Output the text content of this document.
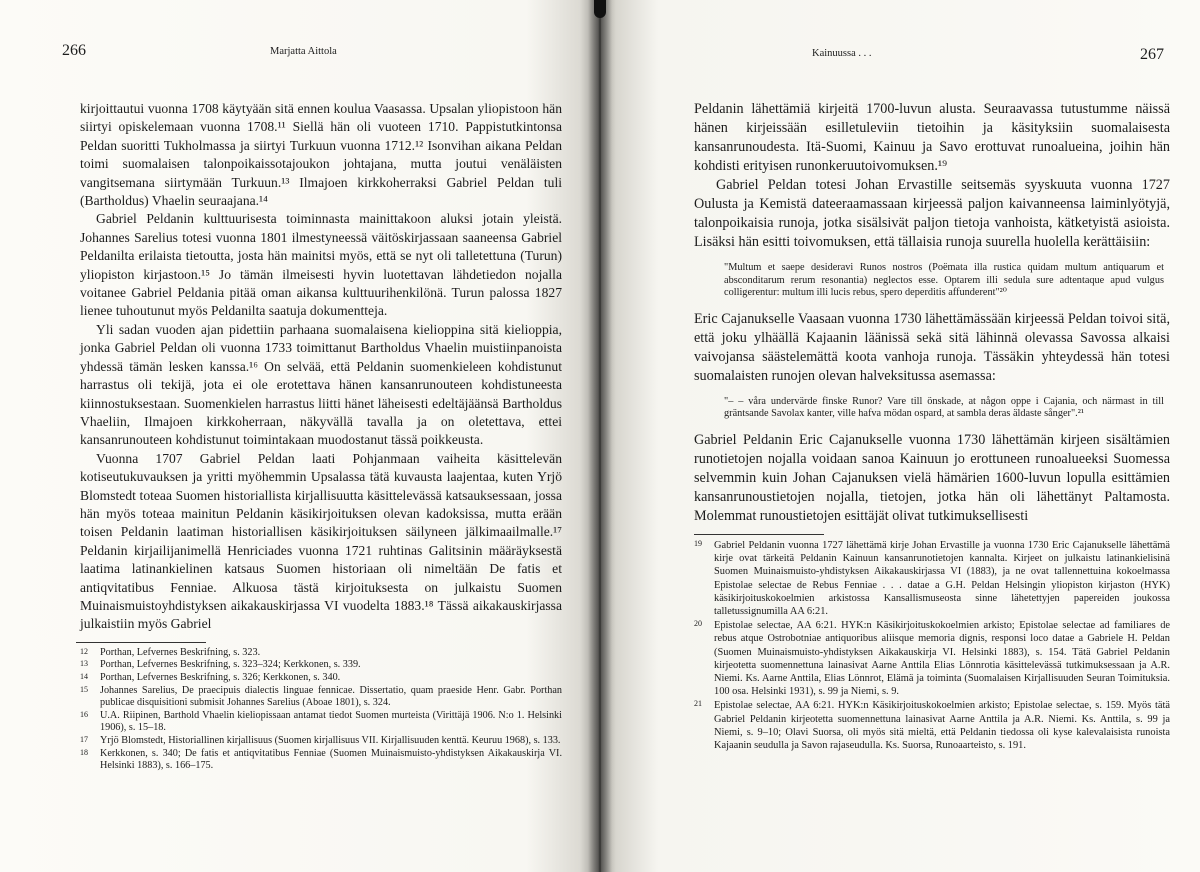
266	Marjatta Aittola

kirjoittautui vuonna 1708 käytyään sitä ennen koulua Vaasassa. Upsalan yliopistoon hän siirtyi opiskelemaan vuonna 1708.¹¹ Siellä hän oli vuoteen 1710. Pappistutkintonsa Peldan suoritti Tukholmassa ja siirtyi Turkuun vuonna 1712.¹² Isonvihan aikana Peldan toimi suomalaisen talonpoikaissotajoukon johtajana, mutta joutui venäläisten vangitsemana siirtymään Turkuun.¹³ Ilmajoen kirkkoherraksi Gabriel Peldan tuli (Bartholdus) Vhaelin seuraajana.¹⁴

Gabriel Peldanin kulttuurisesta toiminnasta mainittakoon aluksi jotain yleistä. Johannes Sarelius totesi vuonna 1801 ilmestyneessä väitöskirjassaan saaneensa Gabriel Peldanilta erilaista tietoutta, josta hän mainitsi myös, että se nyt oli talletettuna (Turun) yliopiston kirjastoon.¹⁵ Jo tämän ilmeisesti hyvin luotettavan lähdetiedon nojalla voitanee Gabriel Peldania pitää oman aikansa kulttuurihenkilönä. Turun palossa 1827 lienee tuhoutunut myös Peldanilta saatuja dokumentteja.

Yli sadan vuoden ajan pidettiin parhaana suomalaisena kielioppina sitä kielioppia, jonka Gabriel Peldan oli vuonna 1733 toimittanut Bartholdus Vhaelin muistiinpanoista yhdessä tämän lesken kanssa.¹⁶ On selvää, että Peldanin suomenkieleen kohdistunut harrastus oli tekijä, jota ei ole erotettava hänen kansanrunouteen kohdistuneesta kiinnostuksestaan. Suomenkielen harrastus liitti hänet läheisesti edeltäjäänsä Bartholdus Vhaeliin, Ilmajoen kirkkoherraan, näkyvällä tavalla ja on oletettava, ettei kansanrunouteen kohdistunut toimintakaan muodostanut tässä poikkeusta.

Vuonna 1707 Gabriel Peldan laati Pohjanmaan vaiheita käsittelevän kotiseutukuvauksen ja yritti myöhemmin Upsalassa tätä kuvausta laajentaa, kuten Yrjö Blomstedt toteaa Suomen historiallista kirjallisuutta käsittelevässä katsauksessaan, jossa hän myös toteaa mainitun Peldanin käsikirjoituksen olevan kadoksissa, mutta erään toisen Peldanin laatiman historiallisen käsikirjoituksen säilyneen jälkimaailmalle.¹⁷ Peldanin kirjailijanimellä Henriciades vuonna 1721 ruhtinas Galitsinin määräyksestä laatima latinankielinen katsaus Suomen historiaan oli nimeltään De fatis et antiqvitatibus Fenniae. Alkuosa tästä kirjoituksesta on julkaistu Suomen Muinaismuistoyhdistyksen aikakauskirjassa VI vuodelta 1883.¹⁸ Tässä aikakauskirjassa julkaistiin myös Gabriel

12	Porthan, Lefvernes Beskrifning, s. 323.
13	Porthan, Lefvernes Beskrifning, s. 323–324; Kerkkonen, s. 339.
14	Porthan, Lefvernes Beskrifning, s. 326; Kerkkonen, s. 340.
15	Johannes Sarelius, De praecipuis dialectis linguae fennicae. Dissertatio, quam praeside Henr. Gabr. Porthan publicae disquisitioni submisit Johannes Sarelius (Aboae 1801), s. 324.
16	U.A. Riipinen, Barthold Vhaelin kieliopissaan antamat tiedot Suomen murteista (Virittäjä 1906. N:o 1. Helsinki 1906), s. 15–18.
17	Yrjö Blomstedt, Historiallinen kirjallisuus (Suomen kirjallisuus VII. Kirjallisuuden kenttä. Keuruu 1968), s. 133.
18	Kerkkonen, s. 340; De fatis et antiqvitatibus Fenniae (Suomen Muinaismuisto-yhdistyksen Aikakauskirja VI. Helsinki 1883), s. 166–175.
Kainuussa . . .	267

Peldanin lähettämiä kirjeitä 1700-luvun alusta. Seuraavassa tutustumme näissä hänen kirjeissään esilletuleviin tietoihin ja käsityksiin suomalaisesta kansanrunoudesta. Itä-Suomi, Kainuu ja Savo erottuvat runoalueina, joihin hän kohdisti erityisen runonkeruutoivomuksen.¹⁹

Gabriel Peldan totesi Johan Ervastille seitsemäs syyskuuta vuonna 1727 Oulusta ja Kemistä dateeraamassaan kirjeessä paljon kaivanneensa laiminlyötyjä, talonpoikaisia runoja, jotka sisälsivät paljon tietoja vanhoista, kätketyistä asioista. Lisäksi hän esitti toivomuksen, että tällaisia runoja suurella huolella kerättäisiin:

"Multum et saepe desideravi Runos nostros (Poëmata illa rustica quidam multum antiquarum et absconditarum rerum resonantia) neglectos esse. Optarem illi sedula sure adtentaque apud vulgus colligerentur: multum illi lucis rebus, spero deperditis affunderent"²⁰

Eric Cajanukselle Vaasaan vuonna 1730 lähettämässään kirjeessä Peldan toivoi sitä, että joku ylhäällä Kajaanin läänissä sekä sitä lähinnä olevassa Savossa alkaisi vaivojansa säästelemättä koota vanhoja runoja. Tässäkin yhteydessä hän totesi suomalaisten runojen olevan halveksitussa asemassa:

"– – våra undervärde finske Runor? Vare till önskade, at någon oppe i Cajania, och närmast in till gräntsande Savolax kanter, ville hafva mödan ospard, at sambla deras äldaste sånger".²¹

Gabriel Peldanin Eric Cajanukselle vuonna 1730 lähettämän kirjeen sisältämien runotietojen nojalla voidaan sanoa Kainuun jo erottuneen runoalueeksi Suomessa selvemmin kuin Johan Cajanuksen vielä hämärien 1600-luvun lopulla esittämien kansanrunoustietojen nojalla, tietojen, jotka hän oli lähettänyt Paltamosta. Molemmat runoustietojen esittäjät olivat tutkimuksellisesti

19	Gabriel Peldanin vuonna 1727 lähettämä kirje Johan Ervastille ja vuonna 1730 Eric Cajanukselle lähettämä kirje ovat tärkeitä Peldanin Kainuun kansanrunotietojen kannalta. Kirjeet on julkaistu latinankielisinä Suomen Muinaismuisto-yhdistyksen Aikakauskirjassa VI (1883), ja ne ovat tallennettuina kokoelmassa Epistolae selectae de Rebus Fenniae . . . datae a G.H. Peldan Helsingin yliopiston kirjaston (HYK) käsikirjoituskokoelmien arkistossa Kansallismuseosta sinne lähetettyjen papereiden joukossa talletussignumilla AA 6:21.
20	Epistolae selectae, AA 6:21. HYK:n Käsikirjoituskokoelmien arkisto; Epistolae selectae ad familiares de rebus atque Ostrobotniae antiquoribus aliisque memoria dignis, responsi loco datae a Gabriele H. Peldan (Suomen Muinaismuisto-yhdistyksen Aikakauskirja VI. Helsinki 1883), s. 154. Tätä Gabriel Peldanin kirjeotetta suomennettuna lainasivat Aarne Anttila Elias Lönnrotia käsittelevässä tutkimuksessaan ja A.R. Niemi. Ks. Aarne Anttila, Elias Lönnrot, Elämä ja toiminta (Suomalaisen Kirjallisuuden Seuran Toimituksia. 100 osa. Helsinki 1931), s. 99 ja Niemi, s. 9.
21	Epistolae selectae, AA 6:21. HYK:n Käsikirjoituskokoelmien arkisto; Epistolae selectae, s. 159. Myös tätä Gabriel Peldanin kirjeotetta suomennettuna lainasivat Aarne Anttila ja A.R. Niemi. Ks. Anttila, s. 99 ja Niemi, s. 9–10; Olavi Suorsa, oli myös sitä mieltä, että Peldanin tiedossa oli kyse kalevalaisista runoista Kajaanin seudulla ja Savon rajaseudulla. Ks. Suorsa, Runoaarteisto, s. 191.
